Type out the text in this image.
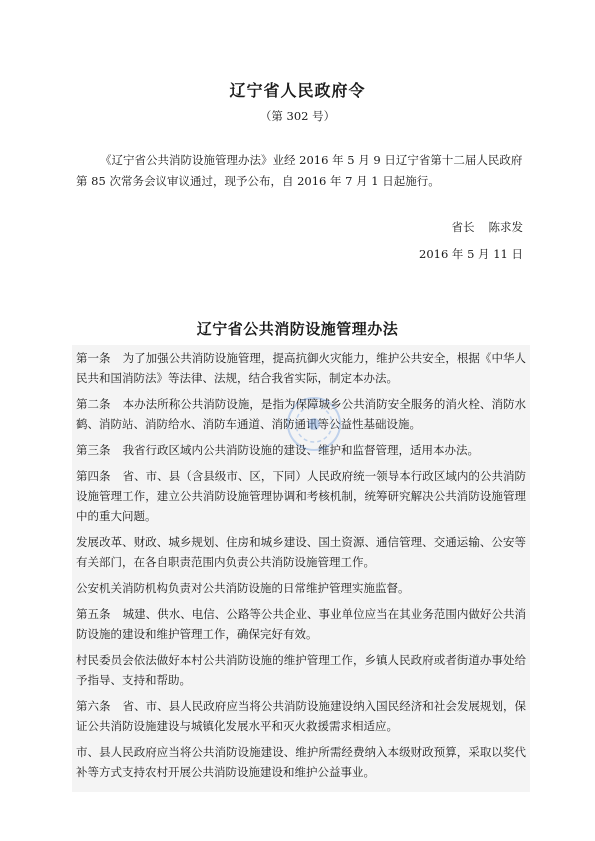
辽宁省人民政府令
（第 302 号）
《辽宁省公共消防设施管理办法》业经 2016 年 5 月 9 日辽宁省第十二届人民政府第 85 次常务会议审议通过，现予公布，自 2016 年 7 月 1 日起施行。
省长 陈求发
2016 年 5 月 11 日
辽宁省公共消防设施管理办法

第一条 为了加强公共消防设施管理，提高抗御火灾能力，维护公共安全，根据《中华人民共和国消防法》等法律、法规，结合我省实际，制定本办法。

第二条 本办法所称公共消防设施，是指为保障城乡公共消防安全服务的消火栓、消防水鹤、消防站、消防给水、消防车通道、消防通讯等公益性基础设施。

第三条 我省行政区域内公共消防设施的建设、维护和监督管理，适用本办法。

第四条 省、市、县（含县级市、区，下同）人民政府统一领导本行政区域内的公共消防设施管理工作，建立公共消防设施管理协调和考核机制，统筹研究解决公共消防设施管理中的重大问题。

发展改革、财政、城乡规划、住房和城乡建设、国土资源、通信管理、交通运输、公安等有关部门，在各自职责范围内负责公共消防设施管理工作。

公安机关消防机构负责对公共消防设施的日常维护管理实施监督。

第五条 城建、供水、电信、公路等公共企业、事业单位应当在其业务范围内做好公共消防设施的建设和维护管理工作，确保完好有效。

村民委员会依法做好本村公共消防设施的维护管理工作，乡镇人民政府或者街道办事处给予指导、支持和帮助。

第六条 省、市、县人民政府应当将公共消防设施建设纳入国民经济和社会发展规划，保证公共消防设施建设与城镇化发展水平和灭火救援需求相适应。

市、县人民政府应当将公共消防设施建设、维护所需经费纳入本级财政预算，采取以奖代补等方式支持农村开展公共消防设施建设和维护公益事业。
